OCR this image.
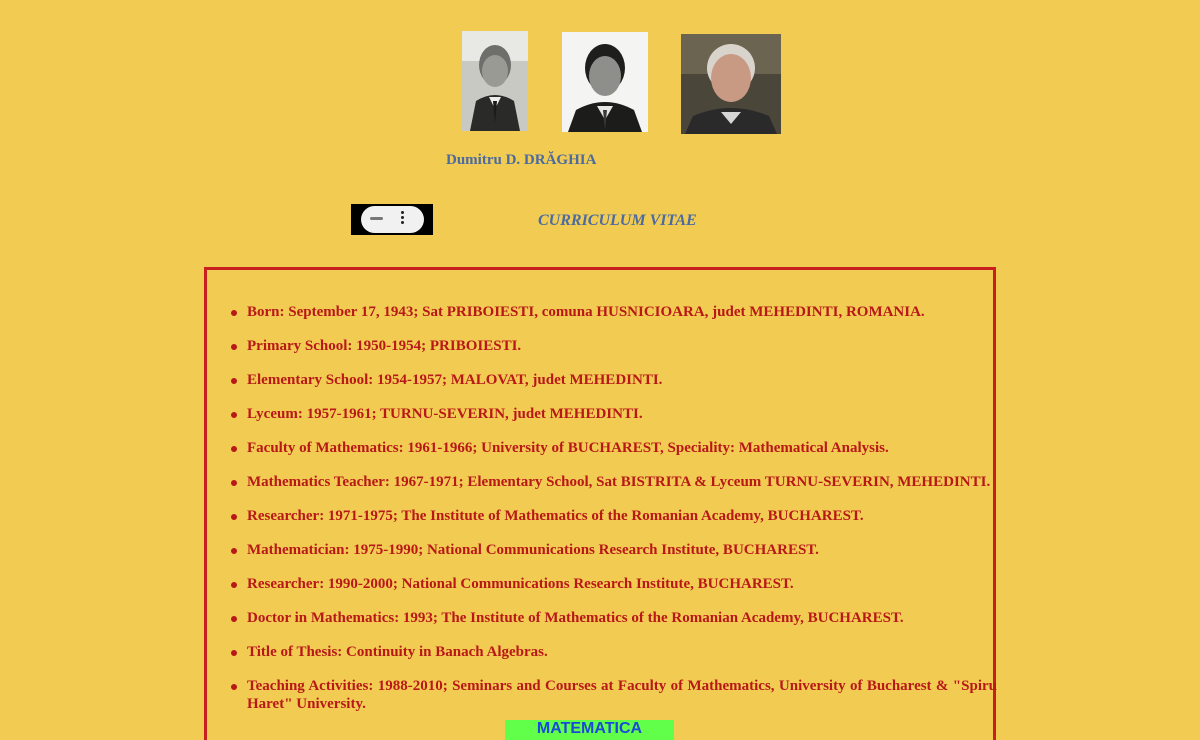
Dumitru D. DRĂGHIA
CURRICULUM VITAE
Born: September 17, 1943; Sat PRIBOIESTI, comuna HUSNICIOARA, judet MEHEDINTI, ROMANIA.
Primary School: 1950-1954; PRIBOIESTI.
Elementary School: 1954-1957; MALOVAT, judet MEHEDINTI.
Lyceum: 1957-1961; TURNU-SEVERIN, judet MEHEDINTI.
Faculty of Mathematics: 1961-1966; University of BUCHAREST, Speciality: Mathematical Analysis.
Mathematics Teacher: 1967-1971; Elementary School, Sat BISTRITA & Lyceum TURNU-SEVERIN, MEHEDINTI.
Researcher: 1971-1975; The Institute of Mathematics of the Romanian Academy, BUCHAREST.
Mathematician: 1975-1990; National Communications Research Institute, BUCHAREST.
Researcher: 1990-2000; National Communications Research Institute, BUCHAREST.
Doctor in Mathematics: 1993; The Institute of Mathematics of the Romanian Academy, BUCHAREST.
Title of Thesis: Continuity in Banach Algebras.
Teaching Activities: 1988-2010; Seminars and Courses at Faculty of Mathematics, University of Bucharest & "Spiru Haret" University.
MATEMATICA
